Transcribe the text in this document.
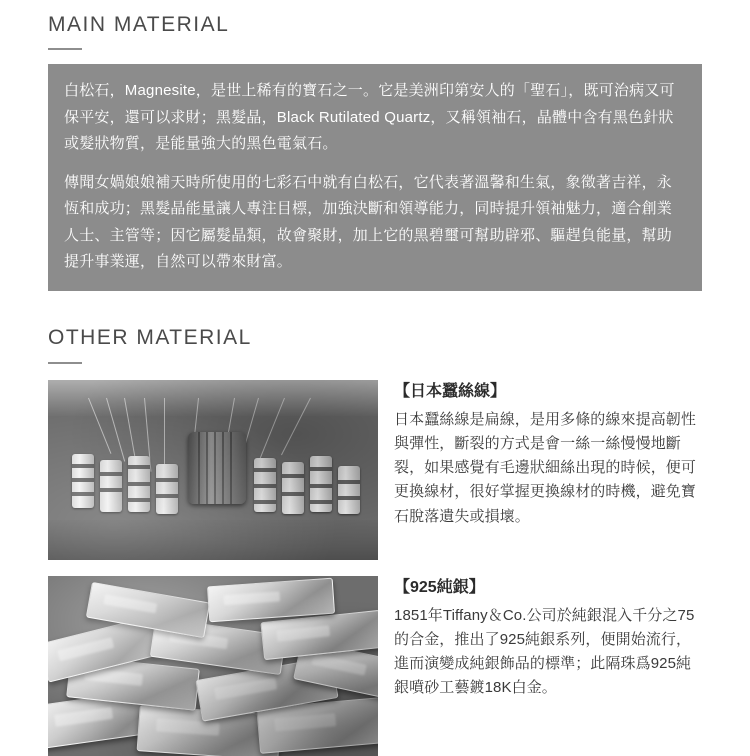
MAIN MATERIAL

白松石，Magnesite，是世上稀有的寶石之一。它是美洲印第安人的「聖石」，既可治病又可保平安，還可以求財；黑髮晶，Black Rutilated Quartz，又稱領袖石，晶體中含有黑色針狀或髮狀物質，是能量強大的黑色電氣石。

傳聞女媧娘娘補天時所使用的七彩石中就有白松石，它代表著溫馨和生氣，象徵著吉祥，永恆和成功；黑髮晶能量讓人專注目標，加強決斷和領導能力，同時提升領袖魅力，適合創業人士、主管等；因它屬髮晶類，故會聚財，加上它的黑碧璽可幫助辟邪、驅趕負能量，幫助提升事業運，自然可以帶來財富。

OTHER MATERIAL

【日本蠶絲線】

日本蠶絲線是扁線，是用多條的線來提高韌性與彈性，斷裂的方式是會一絲一絲慢慢地斷裂，如果感覺有毛邊狀細絲出現的時候，便可更換線材，很好掌握更換線材的時機，避免寶石脫落遺失或損壞。

【925純銀】

1851年Tiffany＆Co.公司於純銀混入千分之75的合金，推出了925純銀系列，便開始流行，進而演變成純銀飾品的標準；此隔珠爲925純銀噴砂工藝鍍18K白金。
